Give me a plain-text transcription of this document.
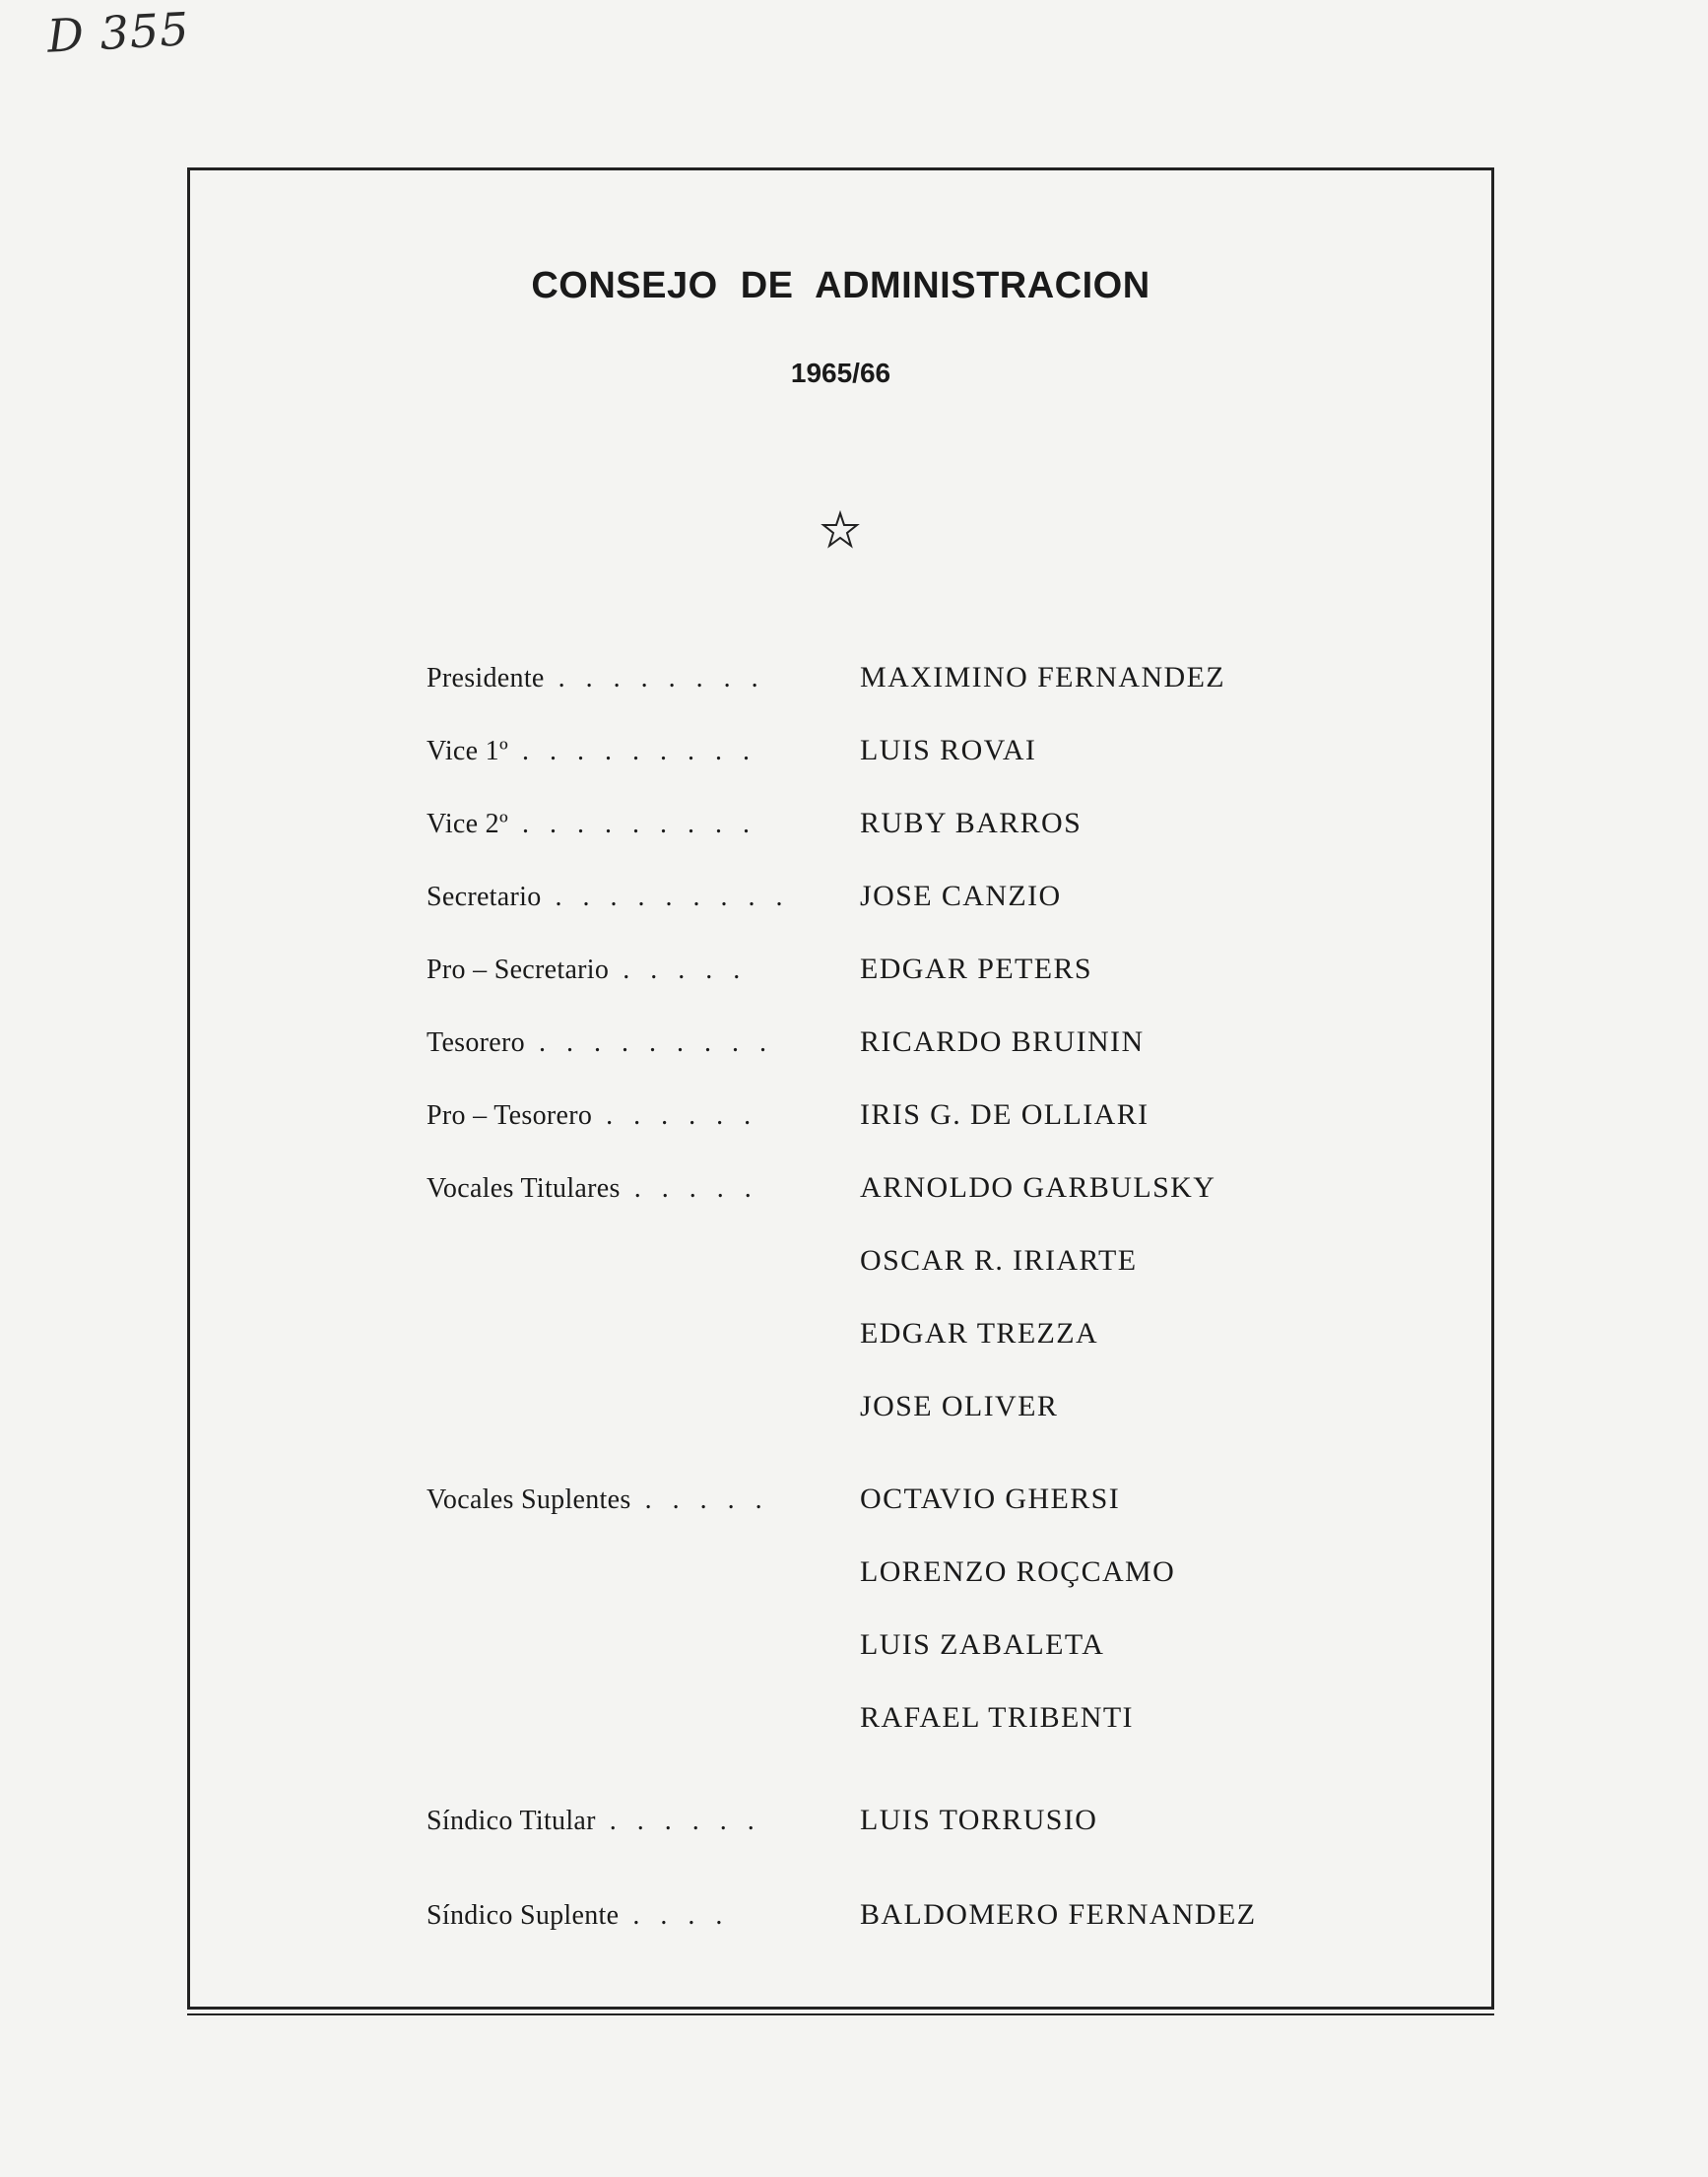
D 355
CONSEJO DE ADMINISTRACION
1965/66
Presidente . . . . . . . .	MAXIMINO FERNANDEZ
Vice 1º . . . . . . . . .	LUIS ROVAI
Vice 2º . . . . . . . . .	RUBY BARROS
Secretario . . . . . . . . . JOSE CANZIO
Pro – Secretario . . . . .	EDGAR PETERS
Tesorero . . . . . . . . .	RICARDO BRUININ
Pro – Tesorero . . . . . .	IRIS G. DE OLLIARI
Vocales Titulares . . . . .	ARNOLDO GARBULSKY
OSCAR R. IRIARTE
EDGAR TREZZA
JOSE OLIVER
Vocales Suplentes . . . . .	OCTAVIO GHERSI
LORENZO ROÇCAMO
LUIS ZABALETA
RAFAEL TRIBENTI
Síndico Titular . . . . . .	LUIS TORRUSIO
Síndico Suplente . . . .	BALDOMERO FERNANDEZ
